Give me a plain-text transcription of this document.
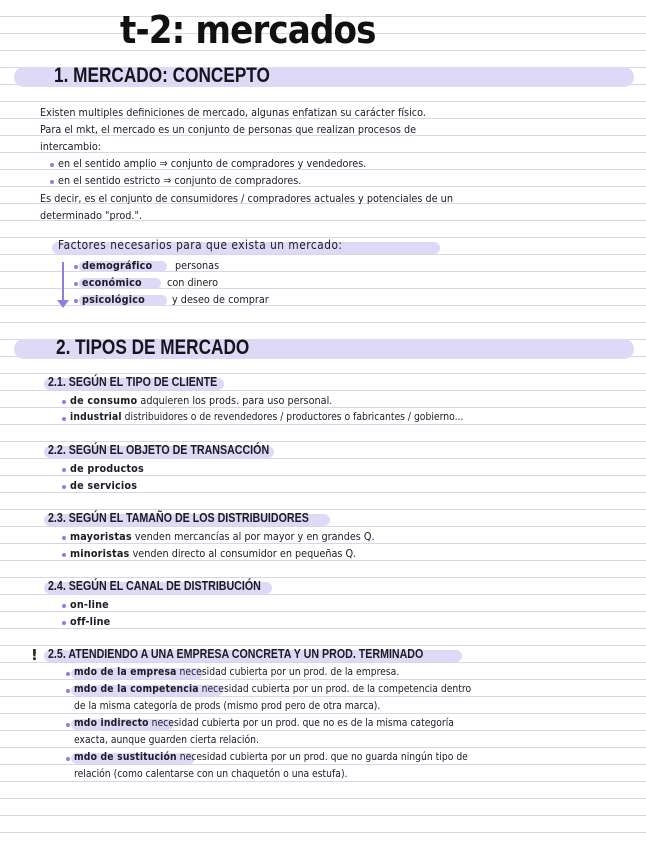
t-2: mercados
1. MERCADO: CONCEPTO
Existen multiples definiciones de mercado, algunas enfatizan su carácter físico.
Para el mkt, el mercado es un conjunto de personas que realizan procesos de
intercambio:
en el sentido amplio ⇒ conjunto de compradores y vendedores.
en el sentido estricto ⇒ conjunto de compradores.
Es decir, es el conjunto de consumidores / compradores actuales y potenciales de un
determinado "prod.".
Factores necesarios para que exista un mercado:
demográfico personas
económico con dinero
psicológico y deseo de comprar
2. TIPOS DE MERCADO
2.1. SEGÚN EL TIPO DE CLIENTE
de consumo adquieren los prods. para uso personal.
industrial distribuidores o de revendedores / productores o fabricantes / gobierno...
2.2. SEGÚN EL OBJETO DE TRANSACCIÓN
de productos
de servicios
2.3. SEGÚN EL TAMAÑO DE LOS DISTRIBUIDORES
mayoristas venden mercancías al por mayor y en grandes Q.
minoristas venden directo al consumidor en pequeñas Q.
2.4. SEGÚN EL CANAL DE DISTRIBUCIÓN
on-line
off-line
! 2.5. ATENDIENDO A UNA EMPRESA CONCRETA Y UN PROD. TERMINADO
mdo de la empresa necesidad cubierta por un prod. de la empresa.
mdo de la competencia necesidad cubierta por un prod. de la competencia dentro
de la misma categoría de prods (mismo prod pero de otra marca).
mdo indirecto necesidad cubierta por un prod. que no es de la misma categoría
exacta, aunque guarden cierta relación.
mdo de sustitución necesidad cubierta por un prod. que no guarda ningún tipo de
relación (como calentarse con un chaquetón o una estufa).
